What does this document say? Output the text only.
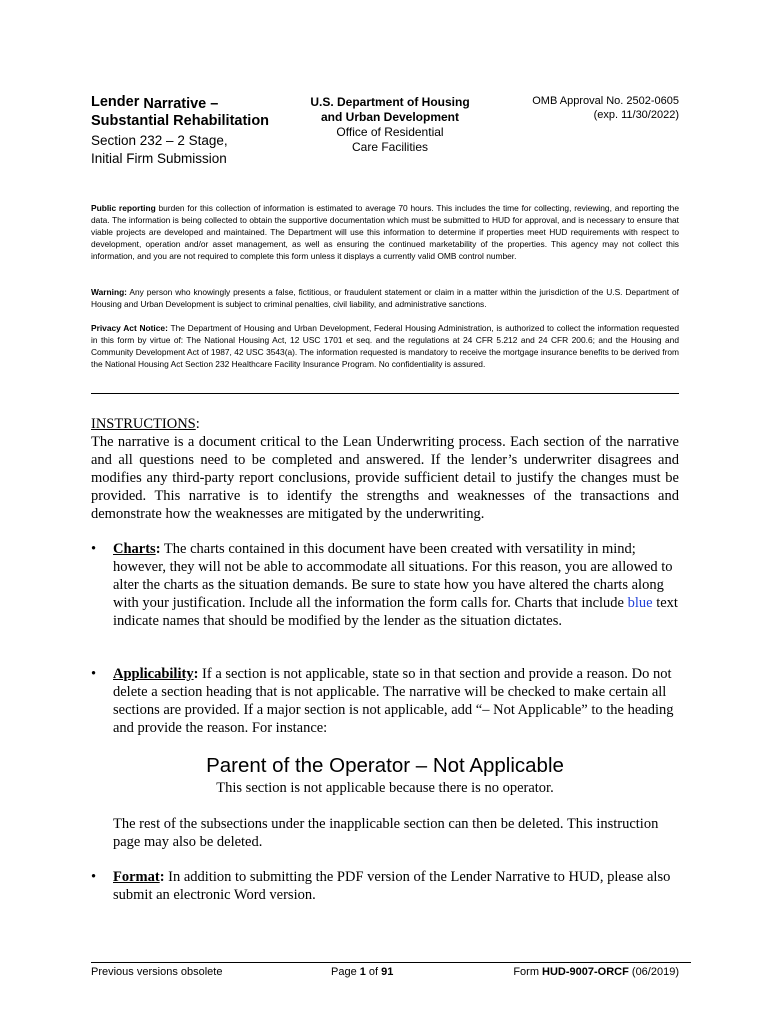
Lender Narrative –
Substantial Rehabilitation
Section 232 – 2 Stage,
Initial Firm Submission
U.S. Department of Housing
and Urban Development
Office of Residential
Care Facilities
OMB Approval No. 2502-0605
(exp. 11/30/2022)
Public reporting burden for this collection of information is estimated to average 70 hours. This includes the time for collecting, reviewing, and reporting the data. The information is being collected to obtain the supportive documentation which must be submitted to HUD for approval, and is necessary to ensure that viable projects are developed and maintained. The Department will use this information to determine if properties meet HUD requirements with respect to development, operation and/or asset management, as well as ensuring the continued marketability of the properties. This agency may not collect this information, and you are not required to complete this form unless it displays a currently valid OMB control number.
Warning: Any person who knowingly presents a false, fictitious, or fraudulent statement or claim in a matter within the jurisdiction of the U.S. Department of Housing and Urban Development is subject to criminal penalties, civil liability, and administrative sanctions.
Privacy Act Notice: The Department of Housing and Urban Development, Federal Housing Administration, is authorized to collect the information requested in this form by virtue of: The National Housing Act, 12 USC 1701 et seq. and the regulations at 24 CFR 5.212 and 24 CFR 200.6; and the Housing and Community Development Act of 1987, 42 USC 3543(a). The information requested is mandatory to receive the mortgage insurance benefits to be derived from the National Housing Act Section 232 Healthcare Facility Insurance Program. No confidentiality is assured.
INSTRUCTIONS:
The narrative is a document critical to the Lean Underwriting process. Each section of the narrative and all questions need to be completed and answered. If the lender’s underwriter disagrees and modifies any third-party report conclusions, provide sufficient detail to justify the changes must be provided. This narrative is to identify the strengths and weaknesses of the transactions and demonstrate how the weaknesses are mitigated by the underwriting.
•	Charts: The charts contained in this document have been created with versatility in mind; however, they will not be able to accommodate all situations. For this reason, you are allowed to alter the charts as the situation demands. Be sure to state how you have altered the charts along with your justification. Include all the information the form calls for. Charts that include blue text indicate names that should be modified by the lender as the situation dictates.
•	Applicability: If a section is not applicable, state so in that section and provide a reason. Do not delete a section heading that is not applicable. The narrative will be checked to make certain all sections are provided. If a major section is not applicable, add “– Not Applicable” to the heading and provide the reason. For instance:
Parent of the Operator – Not Applicable
This section is not applicable because there is no operator.
The rest of the subsections under the inapplicable section can then be deleted. This instruction page may also be deleted.
•	Format: In addition to submitting the PDF version of the Lender Narrative to HUD, please also submit an electronic Word version.
Previous versions obsolete	Page 1 of 91	Form HUD-9007-ORCF (06/2019)
